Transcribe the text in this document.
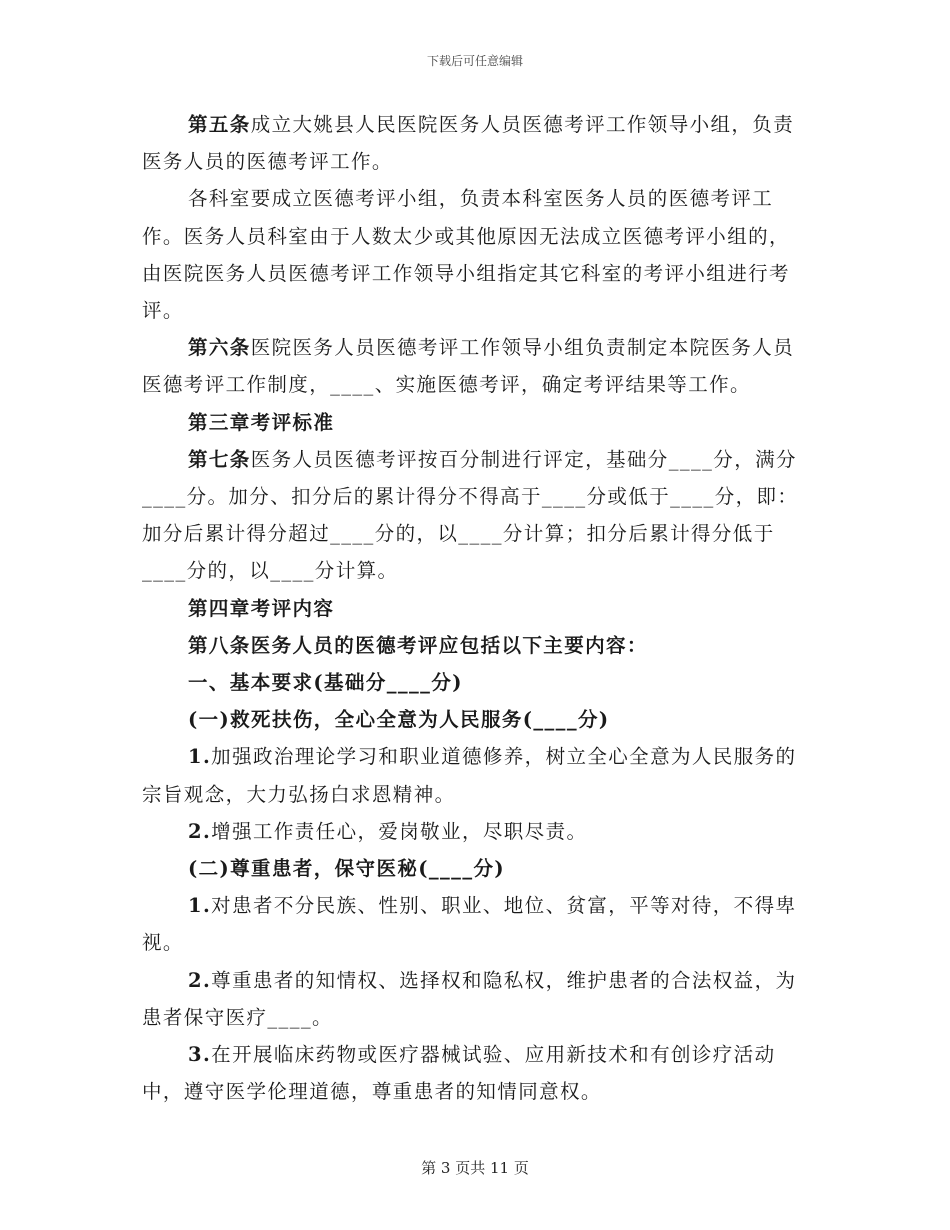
下载后可任意编辑

第五条成立大姚县人民医院医务人员医德考评工作领导小组，负责医务人员的医德考评工作。

各科室要成立医德考评小组，负责本科室医务人员的医德考评工作。医务人员科室由于人数太少或其他原因无法成立医德考评小组的，由医院医务人员医德考评工作领导小组指定其它科室的考评小组进行考评。

第六条医院医务人员医德考评工作领导小组负责制定本院医务人员医德考评工作制度，____、实施医德考评，确定考评结果等工作。

第三章考评标准

第七条医务人员医德考评按百分制进行评定，基础分____分，满分____分。加分、扣分后的累计得分不得高于____分或低于____分，即：加分后累计得分超过____分的，以____分计算；扣分后累计得分低于____分的，以____分计算。

第四章考评内容

第八条医务人员的医德考评应包括以下主要内容：

一、基本要求(基础分____分)

(一)救死扶伤，全心全意为人民服务(____分)

1.加强政治理论学习和职业道德修养，树立全心全意为人民服务的宗旨观念，大力弘扬白求恩精神。

2.增强工作责任心，爱岗敬业，尽职尽责。

(二)尊重患者，保守医秘(____分)

1.对患者不分民族、性别、职业、地位、贫富，平等对待，不得卑视。

2.尊重患者的知情权、选择权和隐私权，维护患者的合法权益，为患者保守医疗____。

3.在开展临床药物或医疗器械试验、应用新技术和有创诊疗活动中，遵守医学伦理道德，尊重患者的知情同意权。

第 3 页共 11 页
